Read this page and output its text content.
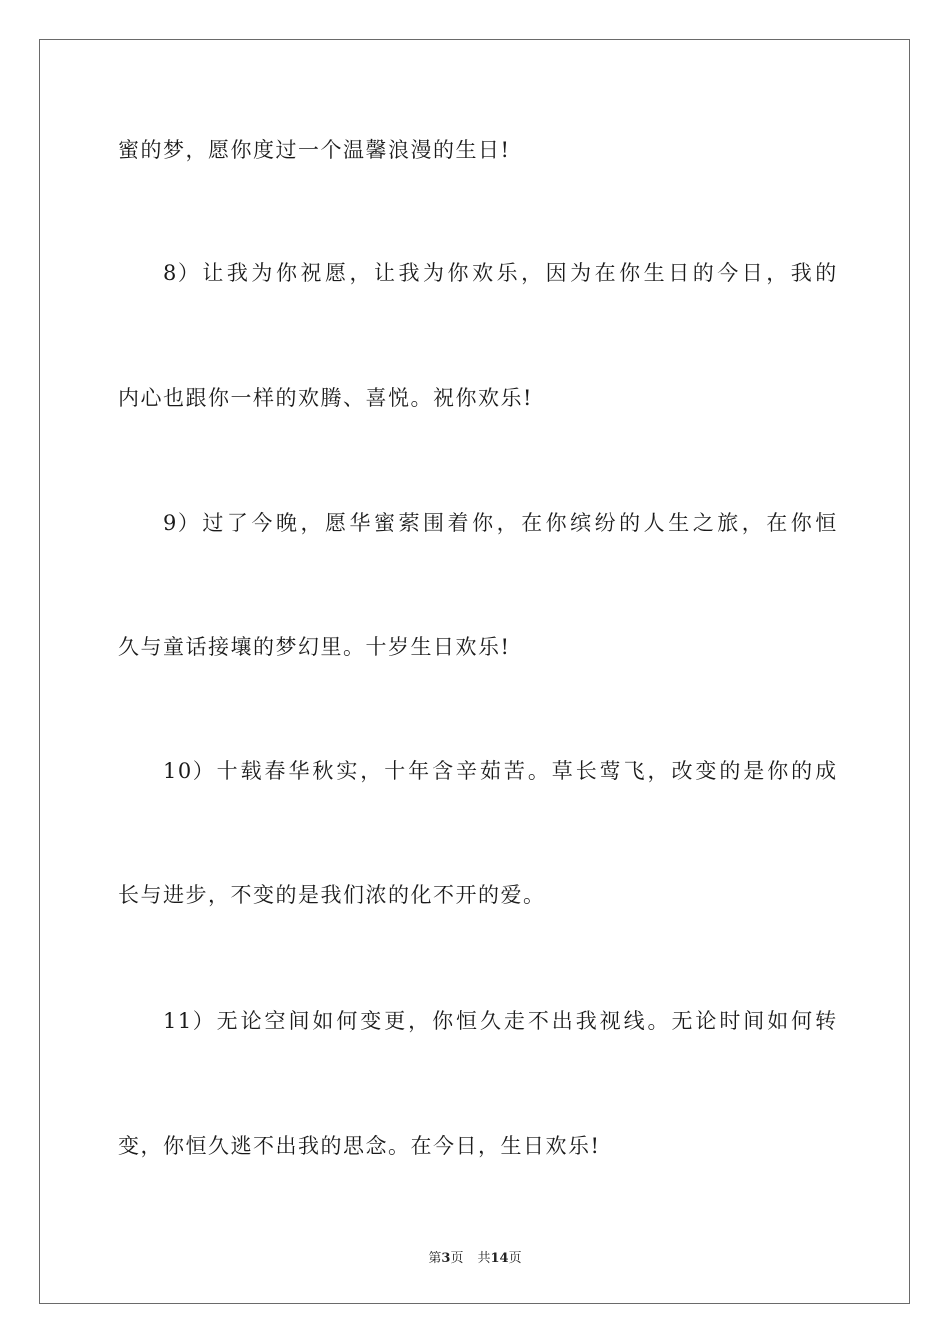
蜜的梦，愿你度过一个温馨浪漫的生日!
8） 让 我 为 你 祝 愿 ， 让 我 为 你 欢 乐 ， 因 为 在 你 生 日 的 今 日 ， 我 的
内心也跟你一样的欢腾、喜悦。祝你欢乐!
9） 过 了 今 晚 ， 愿 华 蜜 萦 围 着 你 ， 在 你 缤 纷 的 人 生 之 旅 ， 在 你 恒
久与童话接壤的梦幻里。十岁生日欢乐!
10） 十 载 春 华 秋 实 ， 十 年 含 辛 茹 苦 。 草 长 莺 飞 ， 改 变 的 是 你 的 成
长与进步，不变的是我们浓的化不开的爱。
11） 无 论 空 间 如 何 变 更 ， 你 恒 久 走 不 出 我 视 线 。 无 论 时 间 如 何 转
变，你恒久逃不出我的思念。在今日，生日欢乐!
第3页 共14页
